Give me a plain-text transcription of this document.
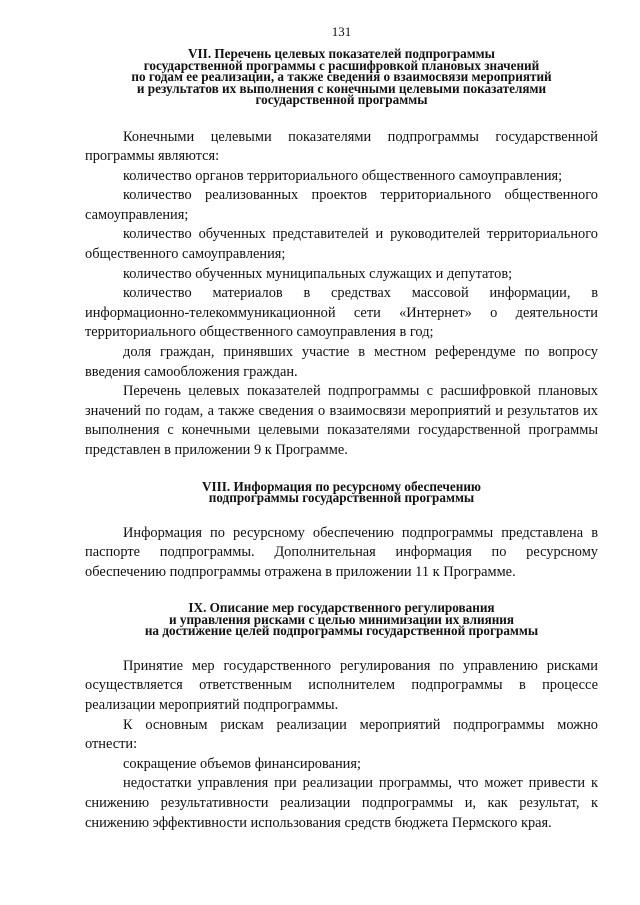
131
VII. Перечень целевых показателей подпрограммы
государственной программы с расшифровкой плановых значений
по годам ее реализации, а также сведения о взаимосвязи мероприятий
и результатов их выполнения с конечными целевыми показателями
государственной программы

Конечными целевыми показателями подпрограммы государственной программы являются:

количество органов территориального общественного самоуправления;

количество реализованных проектов территориального общественного самоуправления;

количество обученных представителей и руководителей территориального общественного самоуправления;

количество обученных муниципальных служащих и депутатов;

количество материалов в средствах массовой информации, в информационно-телекоммуникационной сети «Интернет» о деятельности территориального общественного самоуправления в год;

доля граждан, принявших участие в местном референдуме по вопросу введения самообложения граждан.

Перечень целевых показателей подпрограммы с расшифровкой плановых значений по годам, а также сведения о взаимосвязи мероприятий и результатов их выполнения с конечными целевыми показателями государственной программы представлен в приложении 9 к Программе.

VIII. Информация по ресурсному обеспечению
подпрограммы государственной программы

Информация по ресурсному обеспечению подпрограммы представлена в паспорте подпрограммы. Дополнительная информация по ресурсному обеспечению подпрограммы отражена в приложении 11 к Программе.

IX. Описание мер государственного регулирования
и управления рисками с целью минимизации их влияния
на достижение целей подпрограммы государственной программы

Принятие мер государственного регулирования по управлению рисками осуществляется ответственным исполнителем подпрограммы в процессе реализации мероприятий подпрограммы.

К основным рискам реализации мероприятий подпрограммы можно отнести:

сокращение объемов финансирования;

недостатки управления при реализации программы, что может привести к снижению результативности реализации подпрограммы и, как результат, к снижению эффективности использования средств бюджета Пермского края.
